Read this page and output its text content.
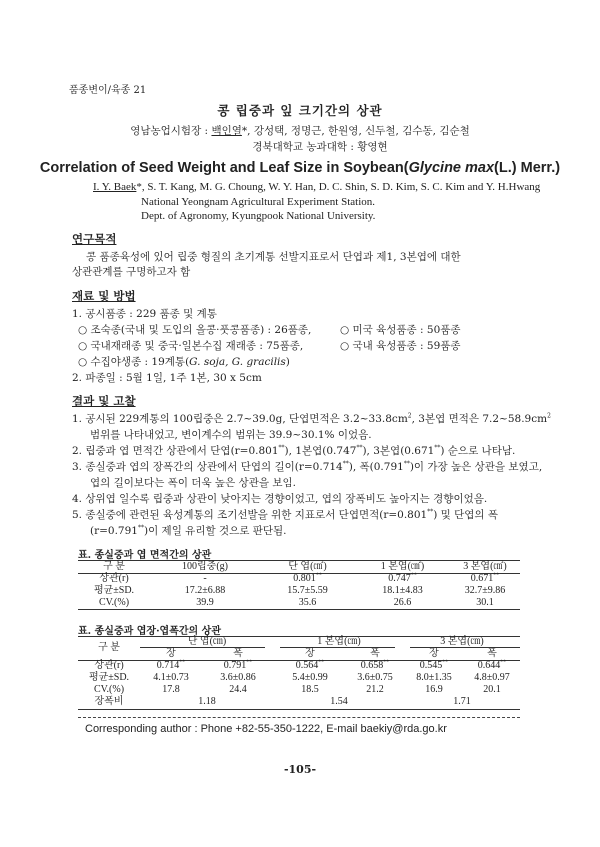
품종변이/육종 21
콩 립중과 잎 크기간의 상관
영남농업시험장 : 백인열*, 강성택, 정명근, 한원영, 신두철, 김수동, 김순철
경북대학교 농과대학 : 황영현
Correlation of Seed Weight and Leaf Size in Soybean(Glycine max(L.) Merr.)
I. Y. Baek*, S. T. Kang, M. G. Choung, W. Y. Han, D. C. Shin, S. D. Kim, S. C. Kim and Y. H.Hwang
National Yeongnam Agricultural Experiment Station.
Dept. of Agronomy, Kyungpook National University.
연구목적
콩 품종육성에 있어 립중 형질의 초기계통 선발지표로서 단엽과 제1, 3본엽에 대한
상관관계를 구명하고자 함
재료 및 방법
1. 공시품종 : 229 품종 및 계통
○ 조숙종(국내 및 도입의 올콩·풋콩품종) : 26품종,	○ 미국 육성품종 : 50품종
○ 국내재래종 및 중국·일본수집 재래종 : 75품종,	○ 국내 육성품종 : 59품종
○ 수집야생종 : 19계통(G. soja, G. gracilis)
2. 파종일 : 5월 1일, 1주 1본, 30 x 5cm
결과 및 고찰
1. 공시된 229계통의 100립중은 2.7~39.0g, 단엽면적은 $3.2\sim 33.8cm^2$, 3본엽 면적은 $7.2\sim 58.9cm^2$
범위를 나타내었고, 변이계수의 범위는 39.9~30.1% 이었음.
2. 립중과 엽 면적간 상관에서 단엽(r=0.801**), 1본엽(0.747**), 3본엽(0.671**) 순으로 나타남.
3. 종실중과 엽의 장폭간의 상관에서 단엽의 길이(r=0.714**), 폭(0.791**)이 가장 높은 상관을 보였고,
엽의 길이보다는 폭이 더욱 높은 상관을 보임.
4. 상위엽 일수록 립중과 상관이 낮아지는 경향이었고, 엽의 장폭비도 높아지는 경향이었음.
5. 종실중에 관련된 육성계통의 조기선발을 위한 지표로서 단엽면적(r=0.801**) 및 단엽의 폭
(r=0.791**)이 제일 유리할 것으로 판단됨.
표. 종실중과 엽 면적간의 상관
구 분	100립중(g)	단 엽(㎠)	1 본엽(㎠)	3 본엽(㎠)
상관(r)	-	0.801**	0.747**	0.671**
평균±SD.	17.2±6.88	15.7±5.59	18.1±4.83	32.7±9.86
CV.(%)	39.9	35.6	26.6	30.1
표. 종실중과 엽장·엽폭간의 상관
구 분	단 엽(㎝)		1 본엽(㎝)		3 본엽(㎝)	
	장	폭	장	폭	장	폭
상관(r)	0.714**	0.791**	0.564**	0.658**	0.545**	0.644**
평균±SD.	4.1±0.73	3.6±0.86	5.4±0.99	3.6±0.75	8.0±1.35	4.8±0.97
CV.(%)	17.8	24.4	18.5	21.2	16.9	20.1
장폭비	1.18		1.54		1.71	
Corresponding author : Phone +82-55-350-1222, E-mail baekiy@rda.go.kr
-105-
